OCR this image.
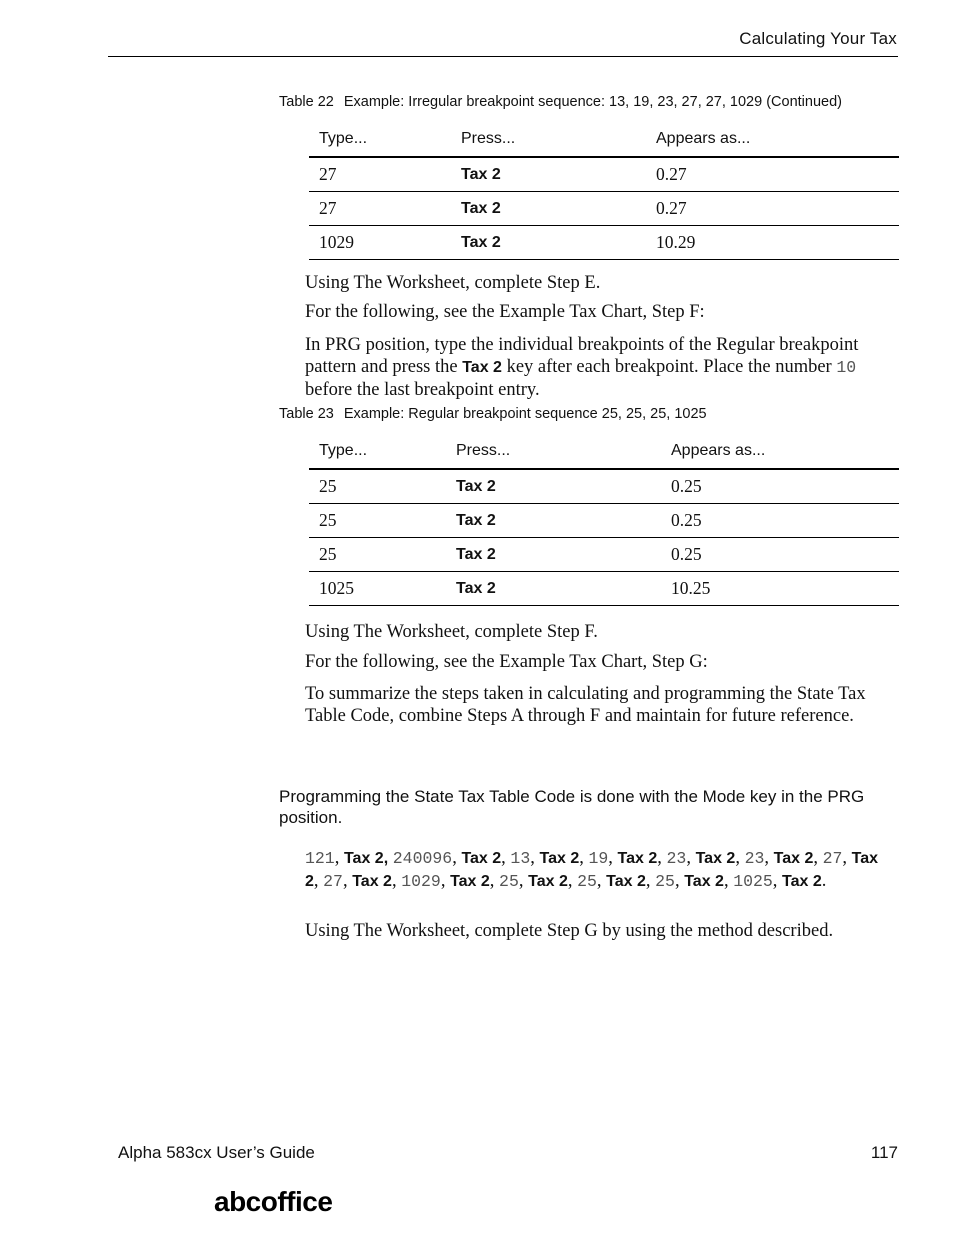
Calculating Your Tax
Table 22 Example: Irregular breakpoint sequence: 13, 19, 23, 27, 27, 1029 (Continued)
Type...	Press...	Appears as...
27	Tax 2	0.27
27	Tax 2	0.27
1029	Tax 2	10.29
Using The Worksheet, complete Step E.
For the following, see the Example Tax Chart, Step F:
In PRG position, type the individual breakpoints of the Regular breakpoint pattern and press the Tax 2 key after each breakpoint. Place the number 10 before the last breakpoint entry.
Table 23 Example: Regular breakpoint sequence 25, 25, 25, 1025
Type...	Press...	Appears as...
25	Tax 2	0.25
25	Tax 2	0.25
25	Tax 2	0.25
1025	Tax 2	10.25
Using The Worksheet, complete Step F.
For the following, see the Example Tax Chart, Step G:
To summarize the steps taken in calculating and programming the State Tax Table Code, combine Steps A through F and maintain for future reference.
Programming the State Tax Table Code is done with the Mode key in the PRG position.
121, Tax 2, 240096, Tax 2, 13, Tax 2, 19, Tax 2, 23, Tax 2, 23, Tax 2, 27, Tax 2, 27, Tax 2, 1029, Tax 2, 25, Tax 2, 25, Tax 2, 25, Tax 2, 1025, Tax 2.
Using The Worksheet, complete Step G by using the method described.
Alpha 583cx User’s Guide	117
abcoffice
